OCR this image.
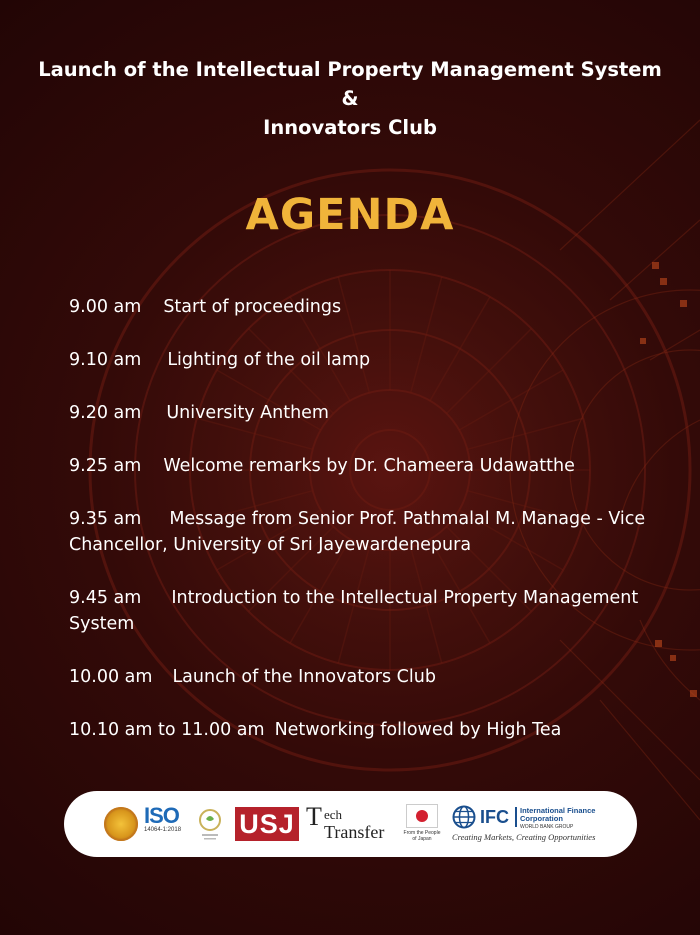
Launch of the Intellectual Property Management System
&
Innovators Club
AGENDA
9.00 am Start of proceedings
9.10 am Lighting of the oil lamp
9.20 am University Anthem
9.25 am Welcome remarks by Dr. Chameera Udawatthe
9.35 am Message from Senior Prof. Pathmalal M. Manage - Vice Chancellor, University of Sri Jayewardenepura
9.45 am Introduction to the Intellectual Property Management System
10.00 am Launch of the Innovators Club
10.10 am to 11.00 am Networking followed by High Tea
ISO
14064-1:2018	USJ T ech
Transfer	From the People of Japan
IFC International Finance Corporation
WORLD BANK GROUP
Creating Markets, Creating Opportunities
